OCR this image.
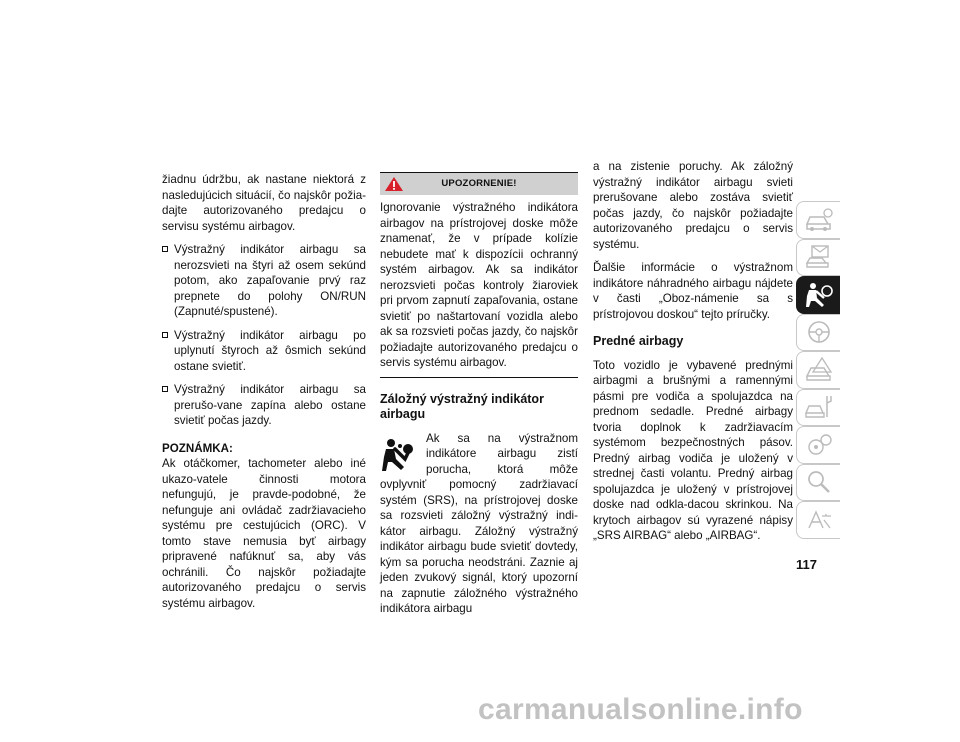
žiadnu údržbu, ak nastane niektorá z nasledujúcich situácií, čo najskôr požia-dajte autorizovaného predajcu o servisu systému airbagov.

Výstražný indikátor airbagu sa nerozsvieti na štyri až osem sekúnd potom, ako zapaľovanie prvý raz prepnete do polohy ON/RUN (Zapnuté/spustené).
Výstražný indikátor airbagu po uplynutí štyroch až ôsmich sekúnd ostane svietiť.
Výstražný indikátor airbagu sa prerušo-vane zapína alebo ostane svietiť počas jazdy.
POZNÁMKA:

Ak otáčkomer, tachometer alebo iné ukazo-vatele činnosti motora nefungujú, je pravde-podobné, že nefunguje ani ovládač zadržiavacieho systému pre cestujúcich (ORC). V tomto stave nemusia byť airbagy pripravené nafúknuť sa, aby vás ochránili. Čo najskôr požiadajte autorizovaného predajcu o servis systému airbagov.

UPOZORNENIE!
Ignorovanie výstražného indikátora airbagov na prístrojovej doske môže znamenať, že v prípade kolízie nebudete mať k dispozícii ochranný systém airbagov. Ak sa indikátor nerozsvieti počas kontroly žiaroviek pri prvom zapnutí zapaľovania, ostane svietiť po naštartovaní vozidla alebo ak sa rozsvieti počas jazdy, čo najskôr požiadajte autorizovaného predajcu o servis systému airbagov.
Záložný výstražný indikátor airbagu

Ak sa na výstražnom indikátore airbagu zistí porucha, ktorá môže ovplyvniť pomocný zadržiavací systém (SRS), na prístrojovej doske sa rozsvieti záložný výstražný indi-kátor airbagu. Záložný výstražný indikátor airbagu bude svietiť dovtedy, kým sa porucha neodstráni. Zaznie aj jeden zvukový signál, ktorý upozorní na zapnutie záložného výstražného indikátora airbagu

a na zistenie poruchy. Ak záložný výstražný indikátor airbagu svieti prerušovane alebo zostáva svietiť počas jazdy, čo najskôr požiadajte autorizovaného predajcu o servis systému.

Ďalšie informácie o výstražnom indikátore náhradného airbagu nájdete v časti „Oboz-námenie sa s prístrojovou doskou“ tejto príručky.

Predné airbagy

Toto vozidlo je vybavené prednými airbagmi a brušnými a ramennými pásmi pre vodiča a spolujazdca na prednom sedadle. Predné airbagy tvoria doplnok k zadržiavacím systémom bezpečnostných pásov. Predný airbag vodiča je uložený v strednej časti volantu. Predný airbag spolujazdca je uložený v prístrojovej doske nad odkla-dacou skrinkou. Na krytoch airbagov sú vyrazené nápisy „SRS AIRBAG“ alebo „AIRBAG“.

117
carmanualsonline.info
